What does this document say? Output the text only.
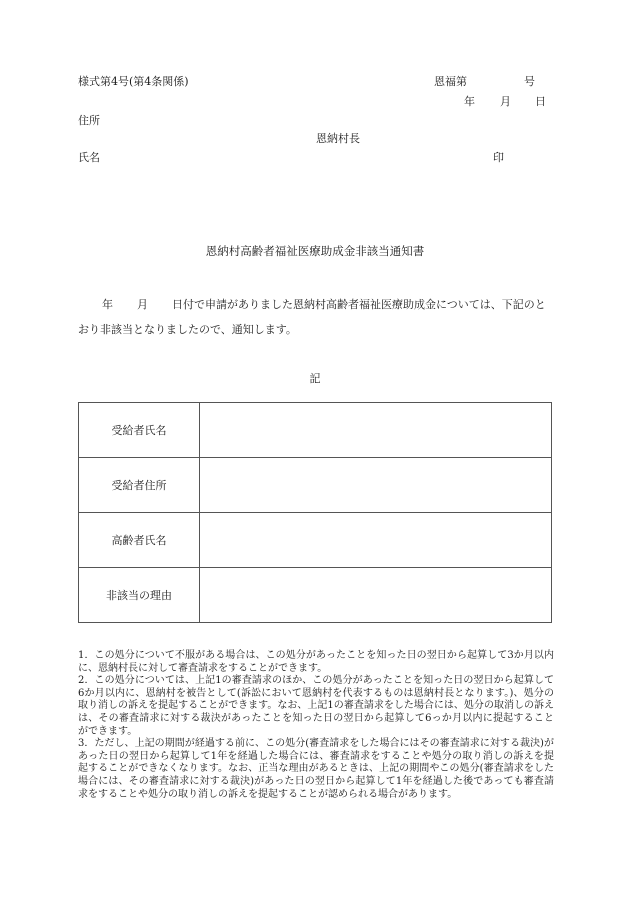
様式第4号(第4条関係)	恩福第	号
年 月 日
住所
恩納村長
氏名	印
恩納村高齢者福祉医療助成金非該当通知書
年 月 日付で申請がありました恩納村高齢者福祉医療助成金については、下記のとおり非該当となりましたので、通知します。
記
受給者氏名	
受給者住所	
高齢者氏名	
非該当の理由	

1．この処分について不服がある場合は、この処分があったことを知った日の翌日から起算して3か月以内に、恩納村長に対して審査請求をすることができます。

2．この処分については、上記1の審査請求のほか、この処分があったことを知った日の翌日から起算して6か月以内に、恩納村を被告として(訴訟において恩納村を代表するものは恩納村長となります。)、処分の取り消しの訴えを提起することができます。なお、上記1の審査請求をした場合には、処分の取消しの訴えは、その審査請求に対する裁決があったことを知った日の翌日から起算して6っか月以内に提起することができます。

3．ただし、上記の期間が経過する前に、この処分(審査請求をした場合にはその審査請求に対する裁決)があった日の翌日から起算して1年を経過した場合には、審査請求をすることや処分の取り消しの訴えを提起することができなくなります。なお、正当な理由があるときは、上記の期間やこの処分(審査請求をした場合には、その審査請求に対する裁決)があった日の翌日から起算して1年を経過した後であっても審査請求をすることや処分の取り消しの訴えを提起することが認められる場合があります。
